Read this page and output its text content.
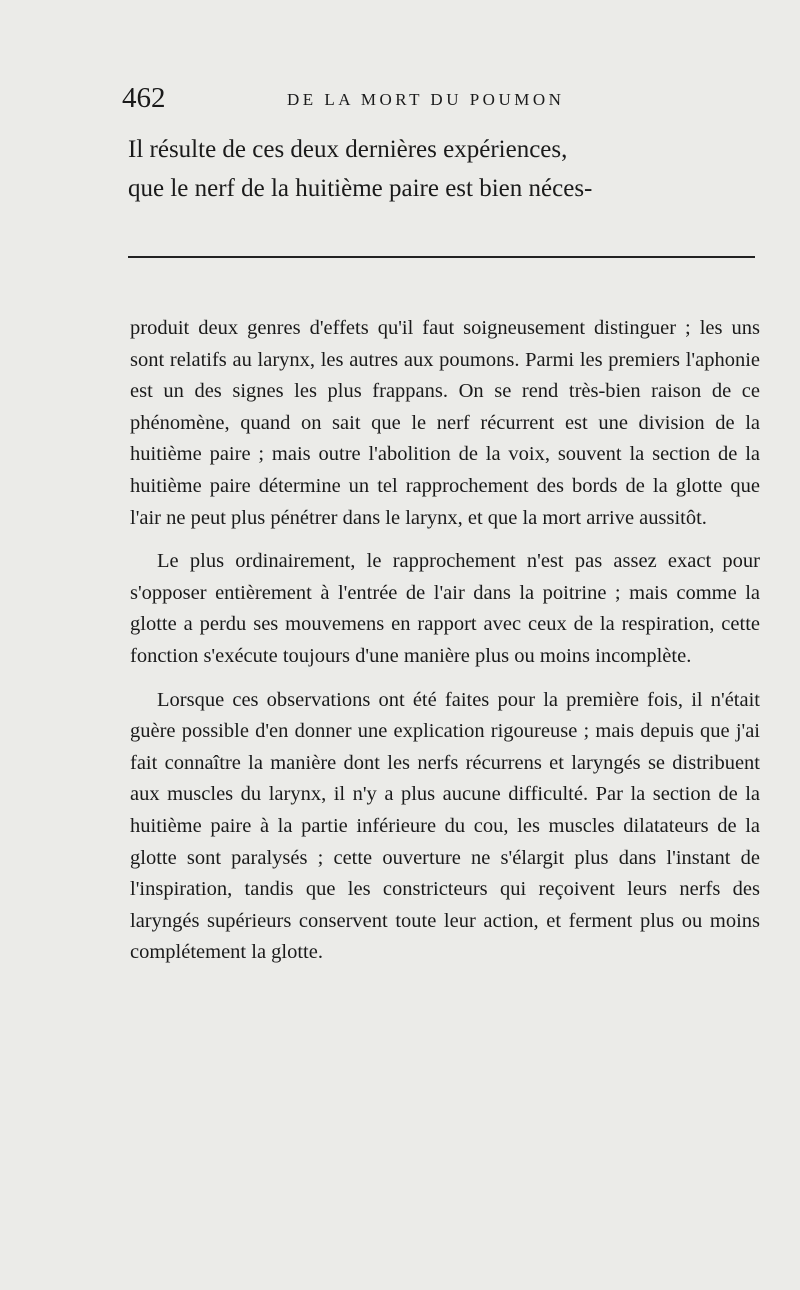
462	DE LA MORT DU POUMON
Il résulte de ces deux dernières expériences,
que le nerf de la huitième paire est bien néces-

produit deux genres d'effets qu'il faut soigneusement distinguer ; les uns sont relatifs au larynx, les autres aux poumons. Parmi les premiers l'aphonie est un des signes les plus frappans. On se rend très-bien raison de ce phénomène, quand on sait que le nerf récurrent est une division de la huitième paire ; mais outre l'abolition de la voix, souvent la section de la huitième paire détermine un tel rapprochement des bords de la glotte que l'air ne peut plus pénétrer dans le larynx, et que la mort arrive aussitôt.

Le plus ordinairement, le rapprochement n'est pas assez exact pour s'opposer entièrement à l'entrée de l'air dans la poitrine ; mais comme la glotte a perdu ses mouvemens en rapport avec ceux de la respiration, cette fonction s'exécute toujours d'une manière plus ou moins incomplète.

Lorsque ces observations ont été faites pour la première fois, il n'était guère possible d'en donner une explication rigoureuse ; mais depuis que j'ai fait connaître la manière dont les nerfs récurrens et laryngés se distribuent aux muscles du larynx, il n'y a plus aucune difficulté. Par la section de la huitième paire à la partie inférieure du cou, les muscles dilatateurs de la glotte sont paralysés ; cette ouverture ne s'élargit plus dans l'instant de l'inspiration, tandis que les constricteurs qui reçoivent leurs nerfs des laryngés supérieurs conservent toute leur action, et ferment plus ou moins complétement la glotte.
